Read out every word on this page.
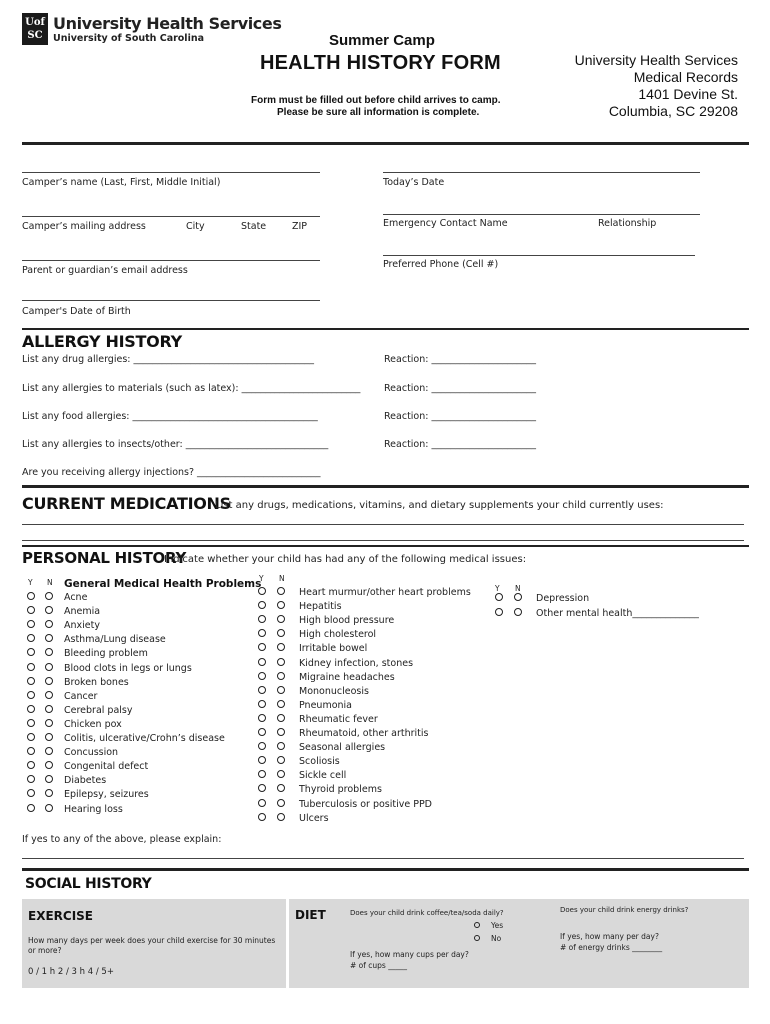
Uof
SC
University Health Services
University of South Carolina	Summer Camp
HEALTH HISTORY FORM
Form must be filled out before child arrives to camp.
Please be sure all information is complete.
University Health Services
Medical Records
1401 Devine St.
Columbia, SC 29208
Camper’s name (Last, First, Middle Initial)	Today’s Date
Camper’s mailing address	City	State	ZIP	Emergency Contact Name	Relationship
Parent or guardian’s email address
Preferred Phone (Cell #)
Camper's Date of Birth
ALLERGY HISTORY
List any drug allergies: ______________________________________	Reaction: ______________________
List any allergies to materials (such as latex): _________________________ Reaction: ______________________
List any food allergies: _______________________________________	Reaction: ______________________
List any allergies to insects/other: ______________________________	Reaction: ______________________
Are you receiving allergy injections? __________________________
CURRENT MEDICATIONS
List any drugs, medications, vitamins, and dietary supplements your child currently uses:
PERSONAL HISTORY
Indicate whether your child has had any of the following medical issues:
Y N	Y N
Y N
General Medical Health Problems
Acne
Anemia
Anxiety
Asthma/Lung disease
Bleeding problem
Blood clots in legs or lungs
Broken bones
Cancer
Cerebral palsy
Chicken pox
Colitis, ulcerative/Crohn’s disease
Concussion
Congenital defect
Diabetes
Epilepsy, seizures
Hearing loss
Heart murmur/other heart problems
Hepatitis
High blood pressure
High cholesterol
Irritable bowel
Kidney infection, stones
Migraine headaches
Mononucleosis
Pneumonia
Rheumatic fever
Rheumatoid, other arthritis
Seasonal allergies
Scoliosis
Sickle cell
Thyroid problems
Tuberculosis or positive PPD
Ulcers
Depression
Other mental health______________
If yes to any of the above, please explain:
SOCIAL HISTORY
EXERCISE
How many days per week does your child exercise for 30 minutes
or more?
0 / 1 h 2 / 3 h 4 / 5+
DIET	Does your child drink coffee/tea/soda daily?
Yes
No
If yes, how many cups per day?
# of cups _____
Does your child drink energy drinks?
If yes, how many per day?
# of energy drinks ________
